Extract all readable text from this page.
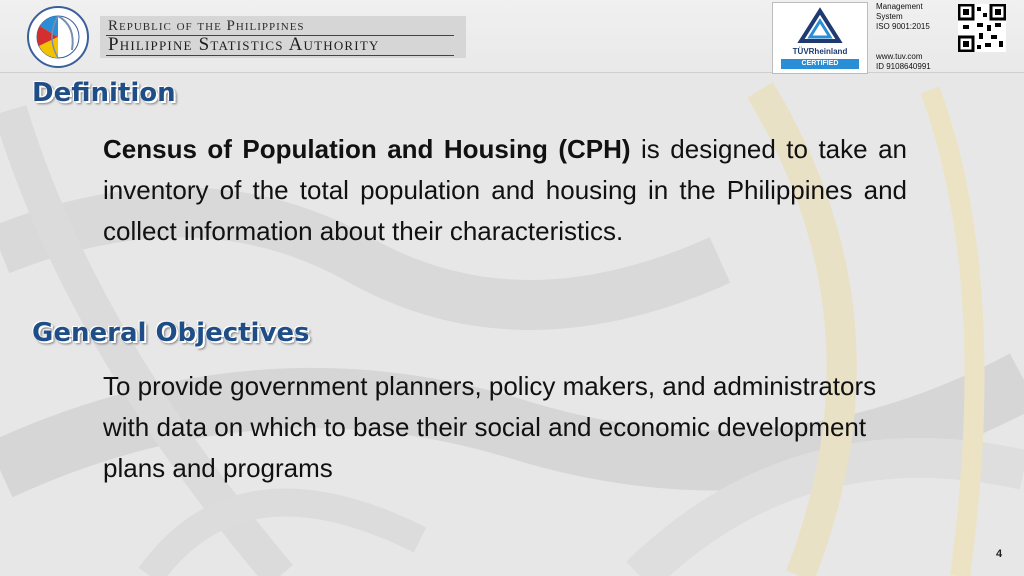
Republic of the Philippines
Philippine Statistics Authority	TÜVRheinland
CERTIFIED
Management
System
ISO 9001:2015
www.tuv.com
ID 9108640991
Definition
Census of Population and Housing (CPH) is designed to take an inventory of the total population and housing in the Philippines and collect information about their characteristics.
General Objectives
To provide government planners, policy makers, and administrators with data on which to base their social and economic development plans and programs
4
